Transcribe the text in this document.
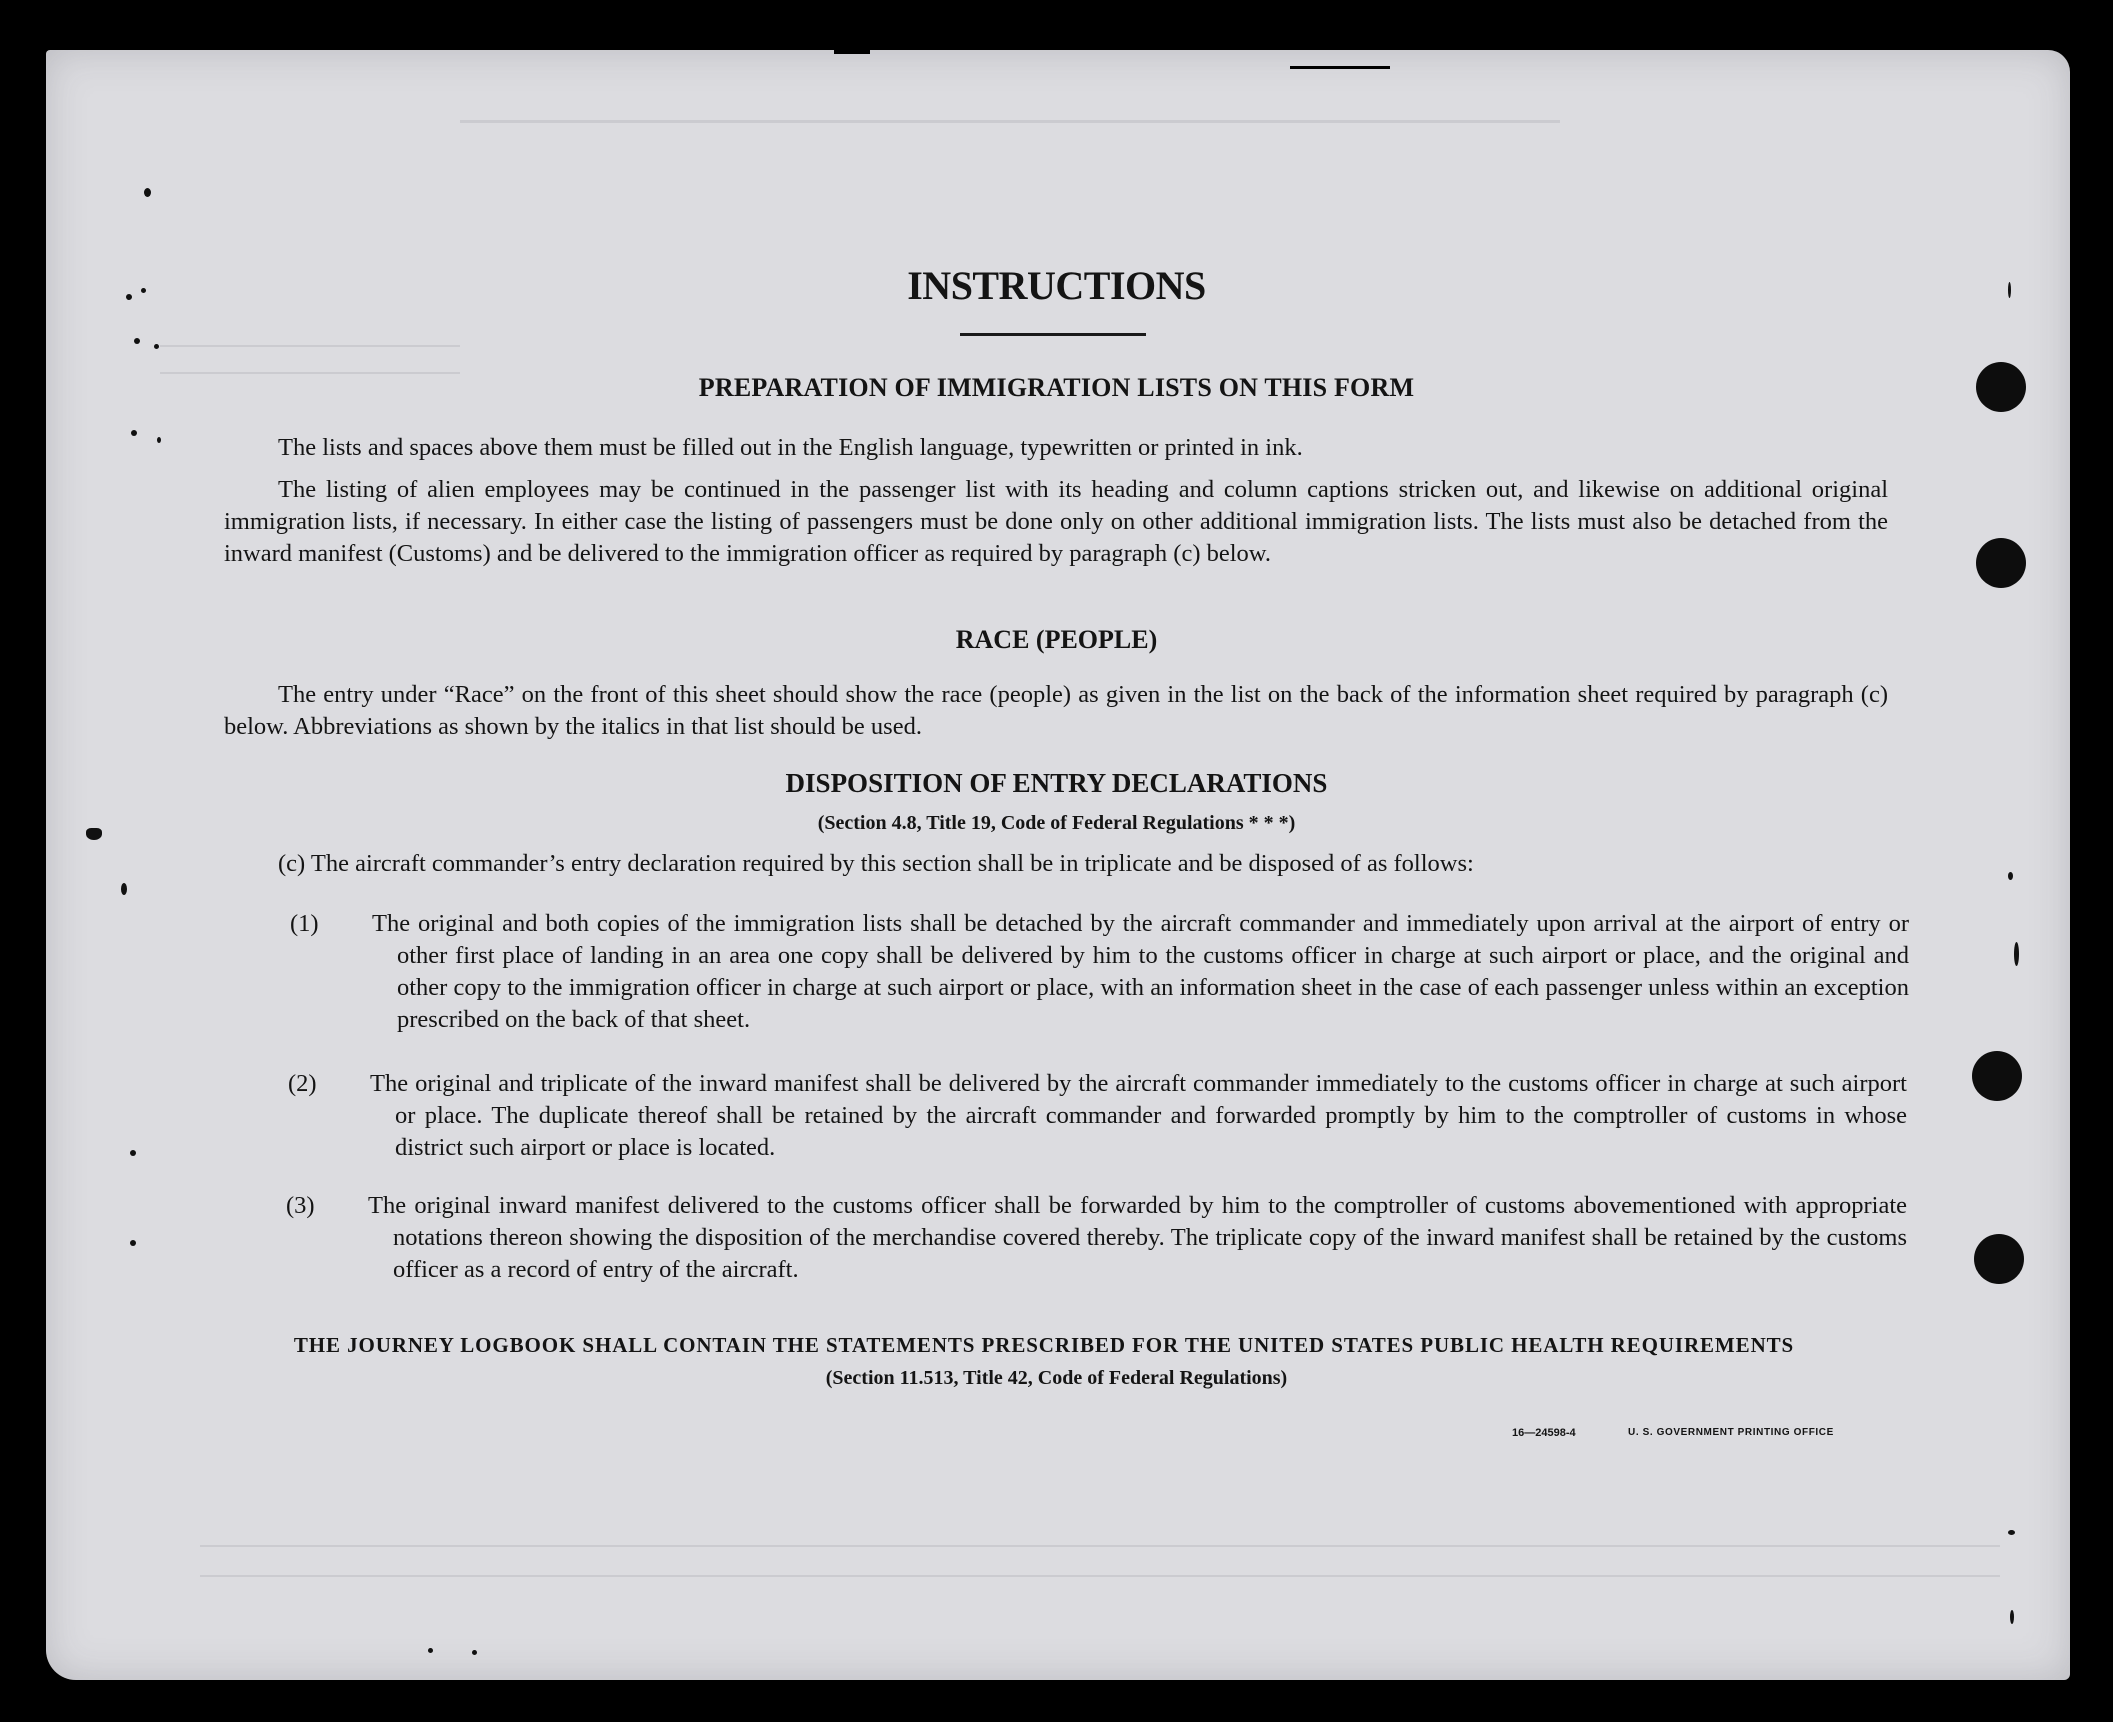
INSTRUCTIONS
PREPARATION OF IMMIGRATION LISTS ON THIS FORM

The lists and spaces above them must be filled out in the English language, typewritten or printed in ink.

The listing of alien employees may be continued in the passenger list with its heading and column captions stricken out, and likewise on additional original immigration lists, if necessary. In either case the listing of passengers must be done only on other additional immigration lists. The lists must also be detached from the inward manifest (Customs) and be delivered to the immigration officer as required by paragraph (c) below.

RACE (PEOPLE)

The entry under “Race” on the front of this sheet should show the race (people) as given in the list on the back of the information sheet required by paragraph (c) below. Abbreviations as shown by the italics in that list should be used.

DISPOSITION OF ENTRY DECLARATIONS

(Section 4.8, Title 19, Code of Federal Regulations * * *)

(c) The aircraft commander’s entry declaration required by this section shall be in triplicate and be disposed of as follows:

(1) The original and both copies of the immigration lists shall be detached by the aircraft commander and immediately upon arrival at the airport of entry or other first place of landing in an area one copy shall be delivered by him to the customs officer in charge at such airport or place, and the original and other copy to the immigration officer in charge at such airport or place, with an information sheet in the case of each passenger unless within an exception prescribed on the back of that sheet.
(2) The original and triplicate of the inward manifest shall be delivered by the aircraft commander immediately to the customs officer in charge at such airport or place. The duplicate thereof shall be retained by the aircraft commander and forwarded promptly by him to the comptroller of customs in whose district such airport or place is located.
(3) The original inward manifest delivered to the customs officer shall be forwarded by him to the comptroller of customs abovementioned with appropriate notations thereon showing the disposition of the merchandise covered thereby. The triplicate copy of the inward manifest shall be retained by the customs officer as a record of entry of the aircraft.

THE JOURNEY LOGBOOK SHALL CONTAIN THE STATEMENTS PRESCRIBED FOR THE UNITED STATES PUBLIC HEALTH REQUIREMENTS

(Section 11.513, Title 42, Code of Federal Regulations)

16—24598-4	U. S. GOVERNMENT PRINTING OFFICE
